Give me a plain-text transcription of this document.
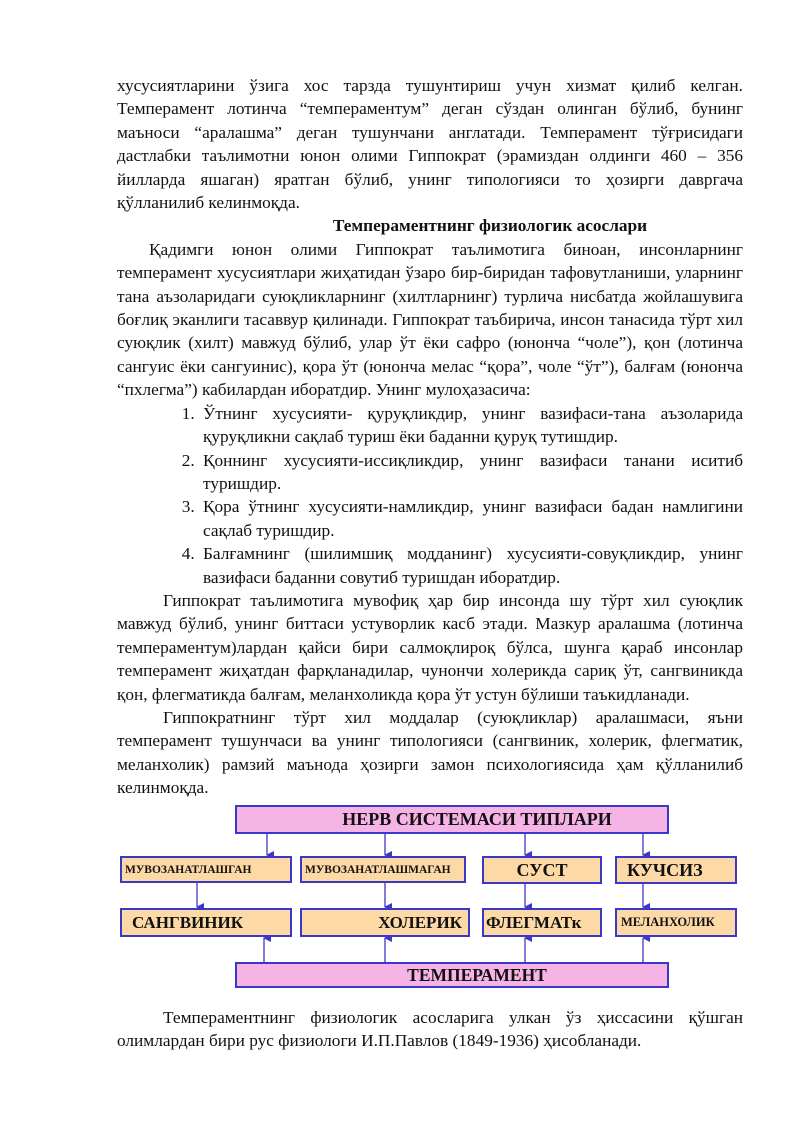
хусусиятларини ўзига хос тарзда тушунтириш учун хизмат қилиб келган. Темперамент лотинча “темпераментум” деган сўздан олинган бўлиб, бунинг маъноси “аралашма” деган тушунчани англатади. Темперамент тўғрисидаги дастлабки таълимотни юнон олими Гиппократ (эрамиздан олдинги 460 – 356 йилларда яшаган) яратган бўлиб, унинг типологияси то ҳозирги давргача қўлланилиб келинмоқда.

Темпераментнинг физиологик асослари

Қадимги юнон олими Гиппократ таълимотига биноан, инсонларнинг темперамент хусусиятлари жиҳатидан ўзаро бир-биридан тафовутланиши, уларнинг тана аъзоларидаги суюқликларнинг (хилтларнинг) турлича нисбатда жойлашувига боғлиқ эканлиги тасаввур қилинади. Гиппократ таъбирича, инсон танасида тўрт хил суюқлик (хилт) мавжуд бўлиб, улар ўт ёки сафро (юнонча “чоле”), қон (лотинча сангуис ёки сангуинис), қора ўт (юнонча мелас “қора”, чоле “ўт”), балғам (юнонча “пхлегма”) кабилардан иборатдир. Унинг мулоҳазасича:

1. Ўтнинг хусусияти- қуруқликдир, унинг вазифаси-тана аъзоларида қуруқликни сақлаб туриш ёки баданни қуруқ тутишдир.
2. Қоннинг хусусияти-иссиқликдир, унинг вазифаси танани иситиб туришдир.
3. Қора ўтнинг хусусияти-намликдир, унинг вазифаси бадан намлигини сақлаб туришдир.
4. Балғамнинг (шилимшиқ модданинг) хусусияти-совуқликдир, унинг вазифаси баданни совутиб туришдан иборатдир.

Гиппократ таълимотига мувофиқ ҳар бир инсонда шу тўрт хил суюқлик мавжуд бўлиб, унинг биттаси устуворлик касб этади. Мазкур аралашма (лотинча темпераментум)лардан қайси бири салмоқлироқ бўлса, шунга қараб инсонлар темперамент жиҳатдан фарқланадилар, чунончи холерикда сариқ ўт, сангвиникда қон, флегматикда балғам, меланхоликда қора ўт устун бўлиши таъкидланади.

Гиппократнинг тўрт хил моддалар (суюқликлар) аралашмаси, яъни темперамент тушунчаси ва унинг типологияси (сангвиник, холерик, флегматик, меланхолик) рамзий маънода ҳозирги замон психологиясида ҳам қўлланилиб келинмоқда.

НЕРВ СИСТЕМАСИ ТИПЛАРИ
МУВОЗАНАТЛАШГАН	МУВОЗАНАТЛАШМАГАН	СУСТ	КУЧСИЗ
САНГВИНИК	ХОЛЕРИК ФЛЕГМАТк	МЕЛАНХОЛИК
ТЕМПЕРАМЕНТ

Темпераментнинг физиологик асосларига улкан ўз ҳиссасини қўшган олимлардан бири рус физиологи И.П.Павлов (1849-1936) ҳисобланади.
